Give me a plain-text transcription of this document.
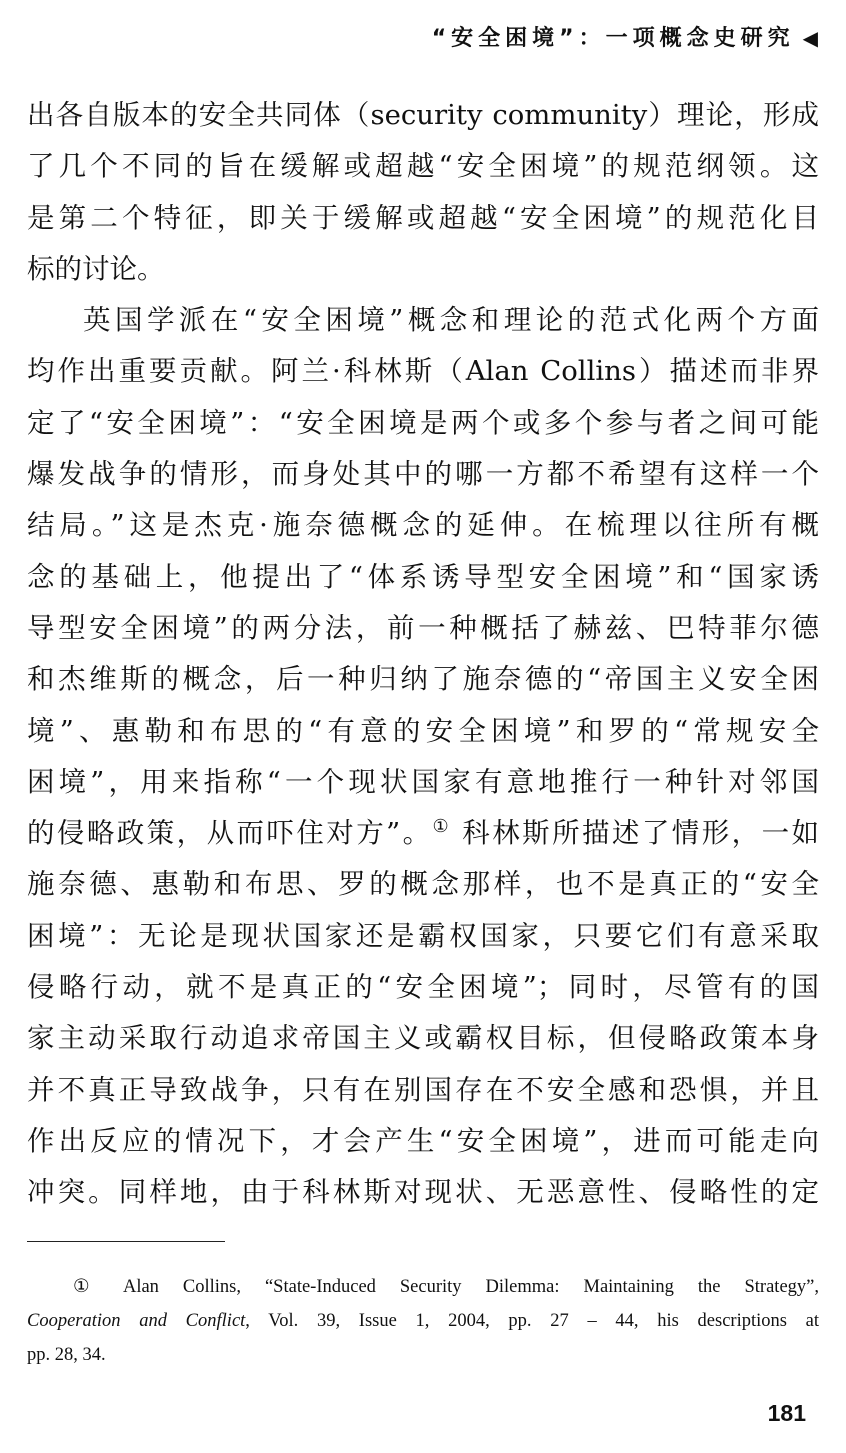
“安全困境”：一项概念史研究 ◀
出各自版本的安全共同体（security community）理论，形成
了几个不同的旨在缓解或超越“安全困境”的规范纲领。这
是第二个特征，即关于缓解或超越“安全困境”的规范化目
标的讨论。
英国学派在“安全困境”概念和理论的范式化两个方面
均作出重要贡献。阿兰·科林斯（Alan Collins）描述而非界
定了“安全困境”：“安全困境是两个或多个参与者之间可能
爆发战争的情形，而身处其中的哪一方都不希望有这样一个
结局。”这是杰克·施奈德概念的延伸。在梳理以往所有概
念的基础上，他提出了“体系诱导型安全困境”和“国家诱
导型安全困境”的两分法，前一种概括了赫兹、巴特菲尔德
和杰维斯的概念，后一种归纳了施奈德的“帝国主义安全困
境”、惠勒和布思的“有意的安全困境”和罗的“常规安全
困境”，用来指称“一个现状国家有意地推行一种针对邻国
的侵略政策，从而吓住对方”。① 科林斯所描述了情形，一如
施奈德、惠勒和布思、罗的概念那样，也不是真正的“安全
困境”：无论是现状国家还是霸权国家，只要它们有意采取
侵略行动，就不是真正的“安全困境”；同时，尽管有的国
家主动采取行动追求帝国主义或霸权目标，但侵略政策本身
并不真正导致战争，只有在别国存在不安全感和恐惧，并且
作出反应的情况下，才会产生“安全困境”，进而可能走向
冲突。同样地，由于科林斯对现状、无恶意性、侵略性的定
① Alan Collins, “State-Induced Security Dilemma: Maintaining the Strategy”,
Cooperation and Conflict, Vol. 39, Issue 1, 2004, pp. 27 – 44, his descriptions at
pp. 28, 34.
181
